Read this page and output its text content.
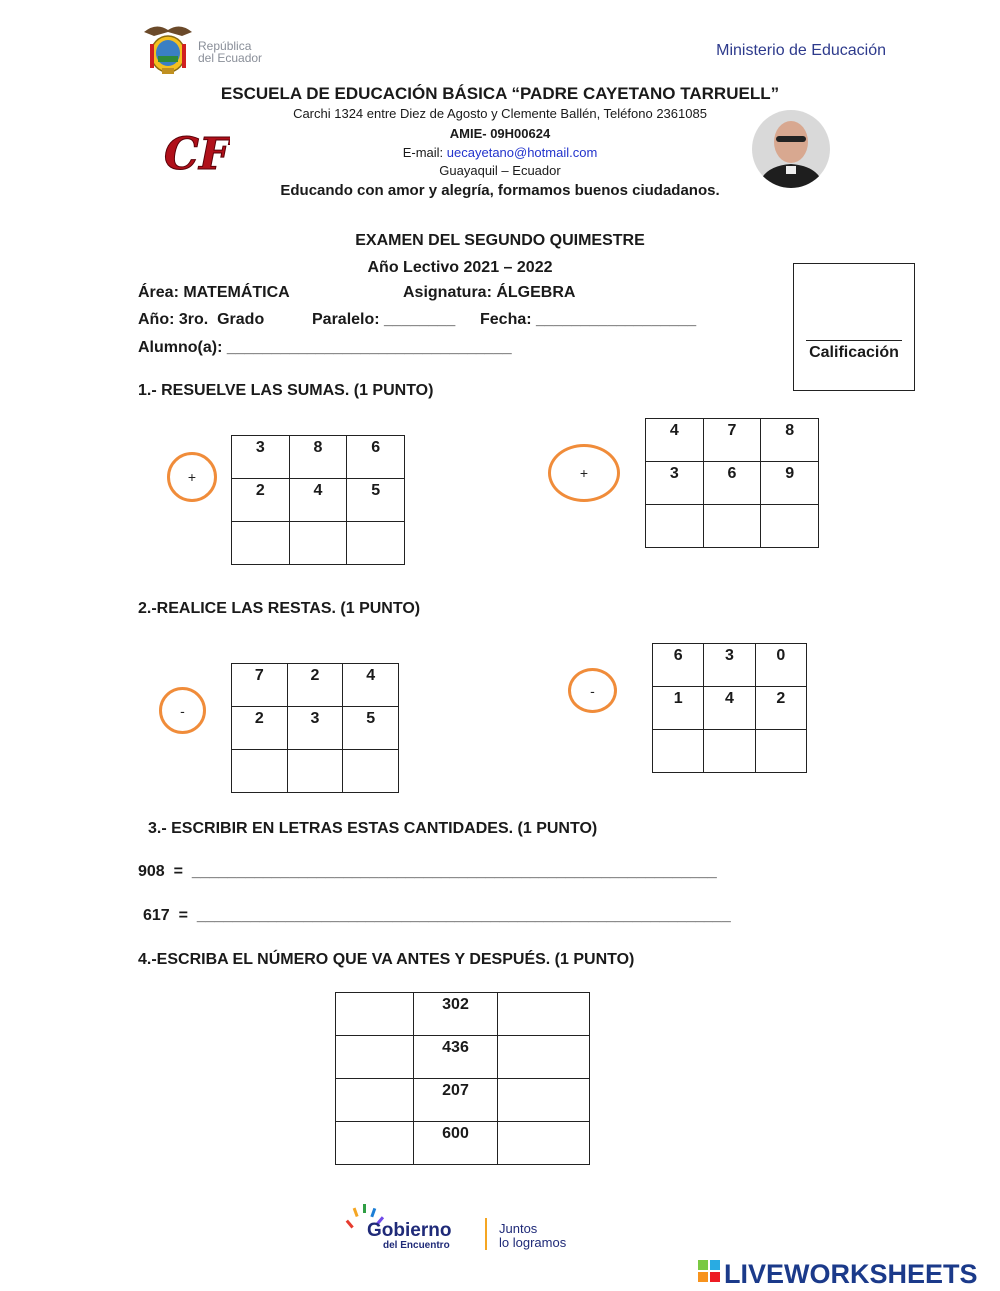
República
del Ecuador	Ministerio de Educación
ESCUELA DE EDUCACIÓN BÁSICA “PADRE CAYETANO TARRUELL”
Carchi 1324 entre Diez de Agosto y Clemente Ballén, Teléfono 2361085
AMIE- 09H00624
E-mail: uecayetano@hotmail.com
Guayaquil – Ecuador
Educando con amor y alegría, formamos buenos ciudadanos.
CF
EXAMEN DEL SEGUNDO QUIMESTRE
Año Lectivo 2021 – 2022
Área: MATEMÁTICA	Asignatura: ÁLGEBRA
Año: 3ro.  Grado	Paralelo: ________ Fecha: __________________
Alumno(a): ________________________________	Calificación
1.- RESUELVE LAS SUMAS. (1 PUNTO)
+
3	8	6
2	4	5

+
4	7	8
3	6	9

2.-REALICE LAS RESTAS. (1 PUNTO)
-
7	2	4
2	3	5

-
6	3	0
1	4	2

3.- ESCRIBIR EN LETRAS ESTAS CANTIDADES. (1 PUNTO)
908  =  ___________________________________________________________
617  =  ____________________________________________________________
4.-ESCRIBA EL NÚMERO QUE VA ANTES Y DESPUÉS. (1 PUNTO)
	302	
	436	
	207	
	600	
Gobierno
del Encuentro
Juntos
lo logramos
LIVEWORKSHEETS
